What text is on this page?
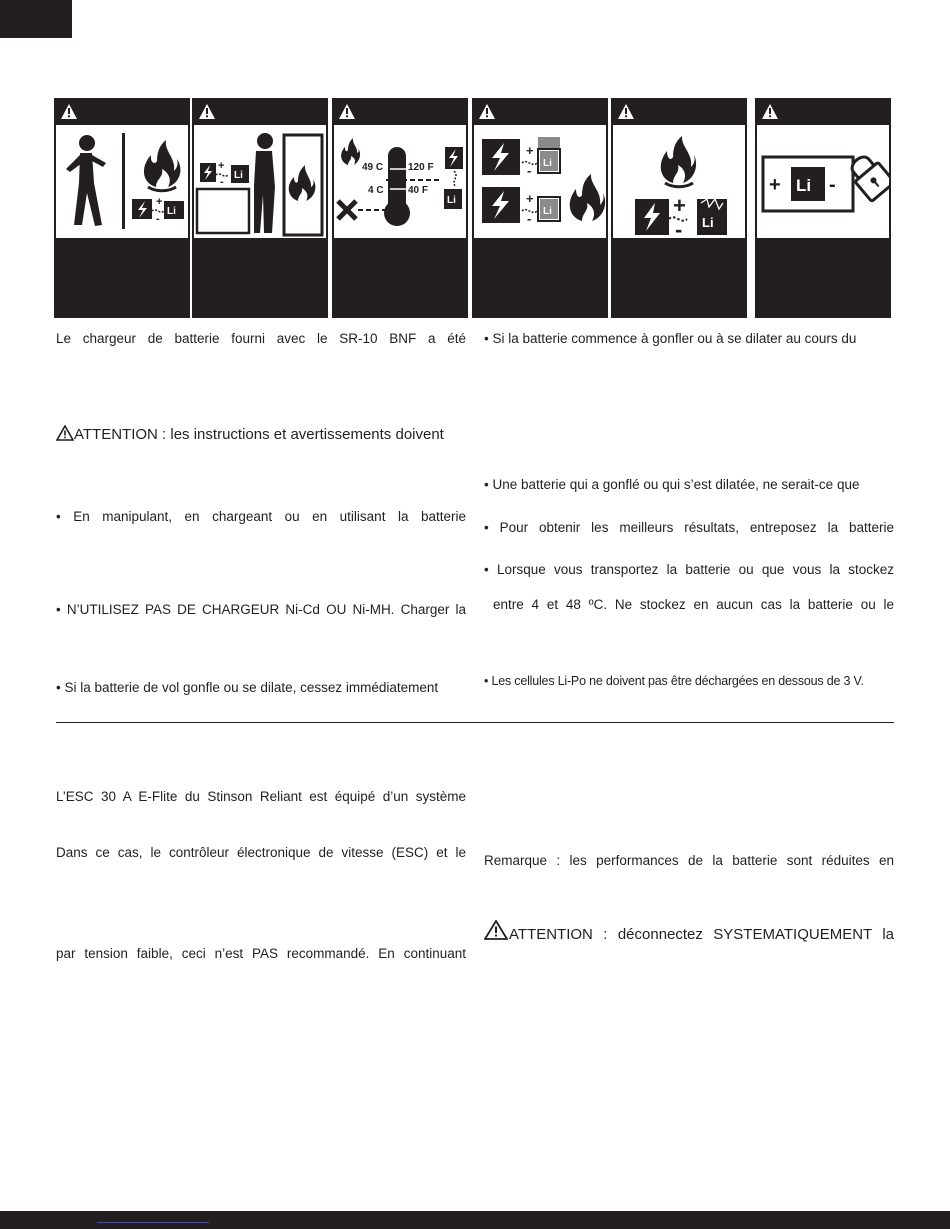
+
-
Li
+
-
Li
49 C 120 F
4 C 40 F
Li
+
- Li
+
- Li	+
- Li
+ Li -
Le chargeur de batterie fourni avec le SR-10 BNF a été
ATTENTION : les instructions et avertissements doivent
• En manipulant, en chargeant ou en utilisant la batterie
• N’UTILISEZ PAS DE CHARGEUR Ni-Cd OU Ni-MH. Charger la
• Si la batterie de vol gonfle ou se dilate, cessez immédiatement
• Si la batterie commence à gonfler ou à se dilater au cours du
• Une batterie qui a gonflé ou qui s’est dilatée, ne serait-ce que
• Pour obtenir les meilleurs résultats, entreposez la batterie
• Lorsque vous transportez la batterie ou que vous la stockez
entre 4 et 48 ºC. Ne stockez en aucun cas la batterie ou le
• Les cellules Li-Po ne doivent pas être déchargées en dessous de 3 V.
L’ESC 30 A E-Flite du Stinson Reliant est équipé d’un système
Dans ce cas, le contrôleur électronique de vitesse (ESC) et le
par tension faible, ceci n’est PAS recommandé. En continuant
Remarque : les performances de la batterie sont réduites en
ATTENTION : déconnectez SYSTEMATIQUEMENT la
